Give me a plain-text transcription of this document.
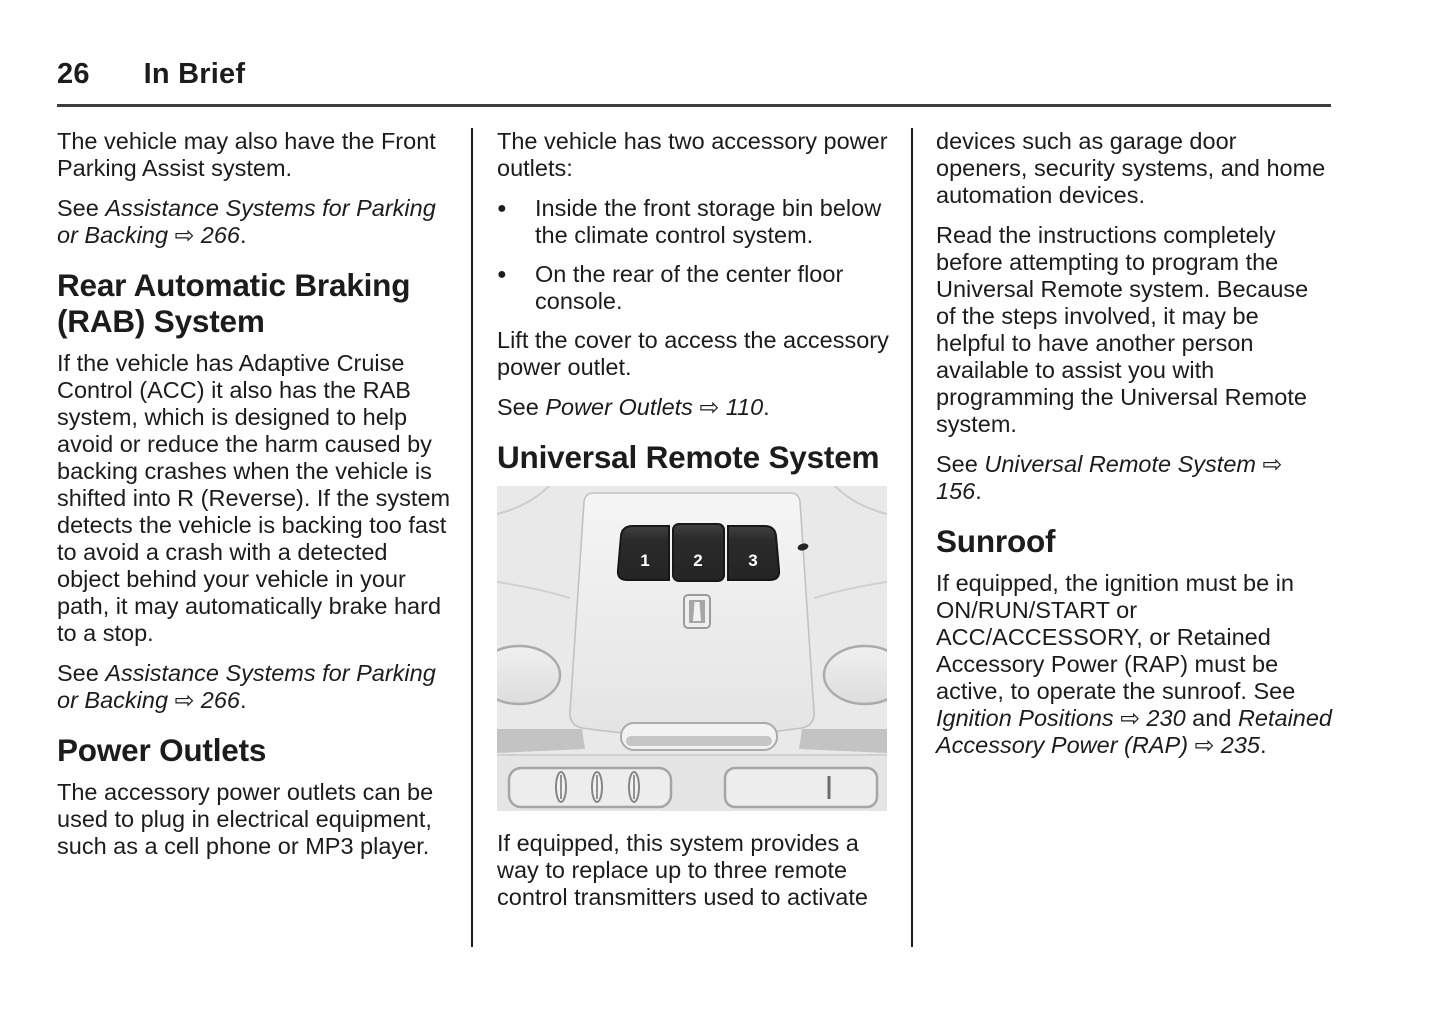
26 In Brief

The vehicle may also have the Front Parking Assist system.

See Assistance Systems for Parking or Backing ⇨ 266.

Rear Automatic Braking (RAB) System

If the vehicle has Adaptive Cruise Control (ACC) it also has the RAB system, which is designed to help avoid or reduce the harm caused by backing crashes when the vehicle is shifted into R (Reverse). If the system detects the vehicle is backing too fast to avoid a crash with a detected object behind your vehicle in your path, it may automatically brake hard to a stop.

See Assistance Systems for Parking or Backing ⇨ 266.

Power Outlets

The accessory power outlets can be used to plug in electrical equipment, such as a cell phone or MP3 player.

The vehicle has two accessory power outlets:

● Inside the front storage bin below the climate control system.
● On the rear of the center floor console.

Lift the cover to access the accessory power outlet.

See Power Outlets ⇨ 110.

Universal Remote System
1	2	3

If equipped, this system provides a way to replace up to three remote control transmitters used to activate

devices such as garage door openers, security systems, and home automation devices.

Read the instructions completely before attempting to program the Universal Remote system. Because of the steps involved, it may be helpful to have another person available to assist you with programming the Universal Remote system.

See Universal Remote System ⇨ 156.

Sunroof

If equipped, the ignition must be in ON/RUN/START or ACC/ACCESSORY, or Retained Accessory Power (RAP) must be active, to operate the sunroof. See Ignition Positions ⇨ 230 and Retained Accessory Power (RAP) ⇨ 235.
